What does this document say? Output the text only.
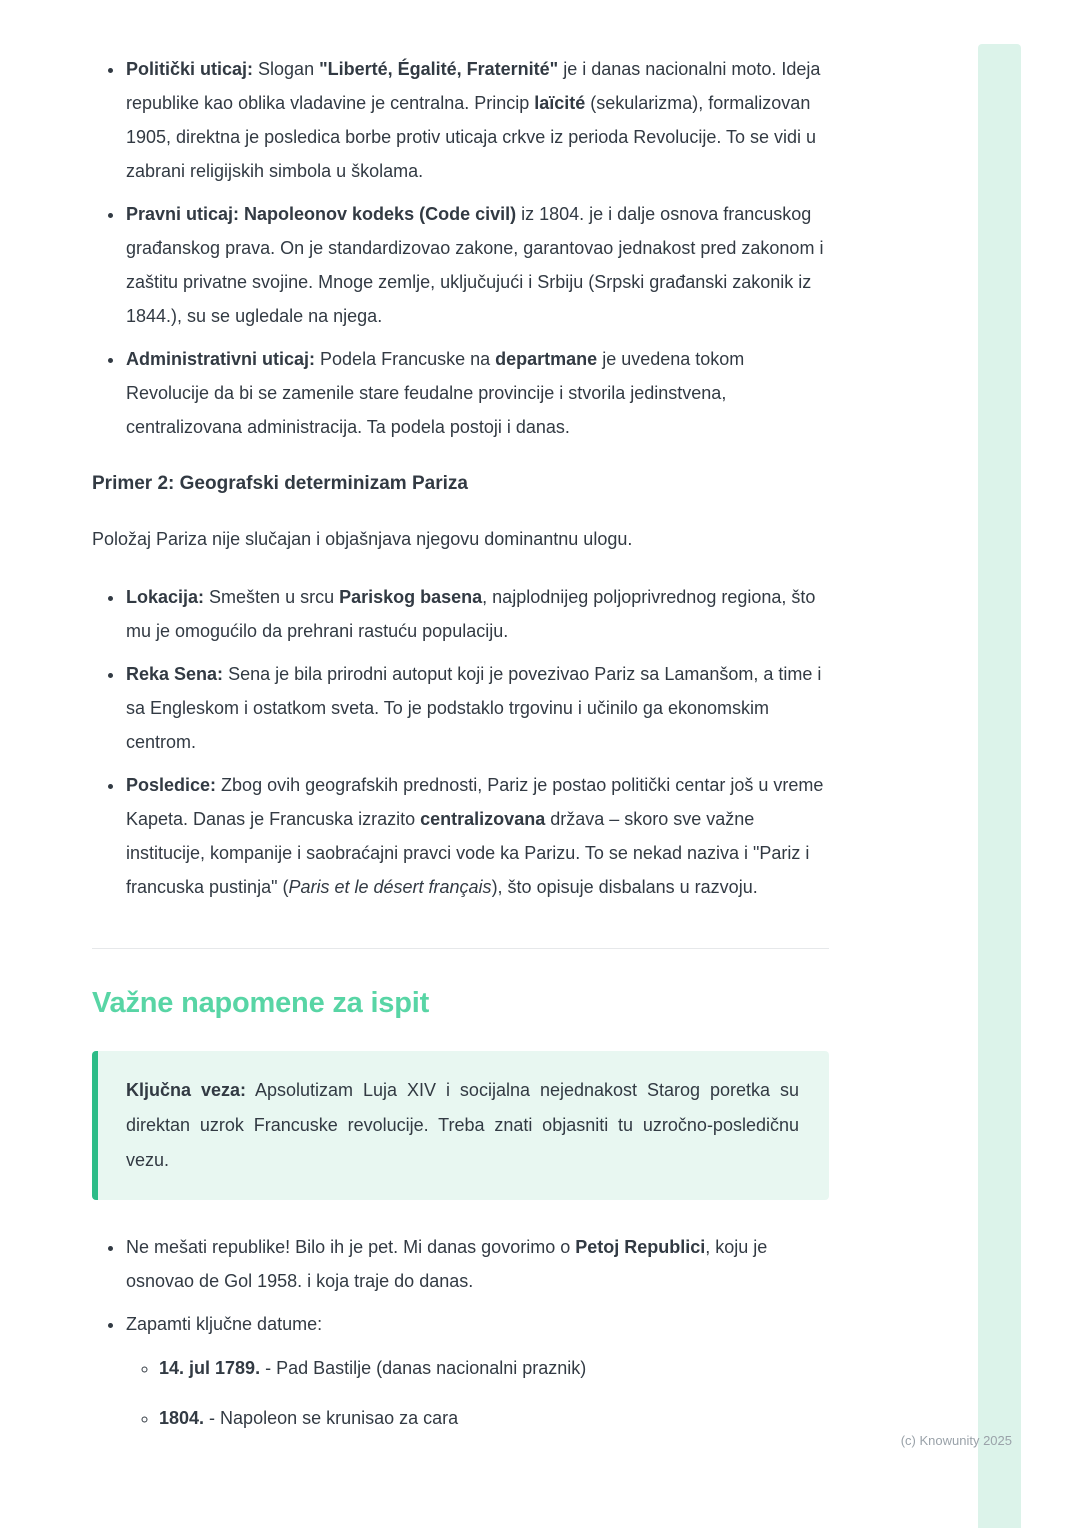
• Politički uticaj: Slogan "Liberté, Égalité, Fraternité" je i danas nacionalni moto. Ideja republike kao oblika vladavine je centralna. Princip laïcité (sekularizma), formalizovan 1905, direktna je posledica borbe protiv uticaja crkve iz perioda Revolucije. To se vidi u zabrani religijskih simbola u školama.
• Pravni uticaj: Napoleonov kodeks (Code civil) iz 1804. je i dalje osnova francuskog građanskog prava. On je standardizovao zakone, garantovao jednakost pred zakonom i zaštitu privatne svojine. Mnoge zemlje, uključujući i Srbiju (Srpski građanski zakonik iz 1844.), su se ugledale na njega.
• Administrativni uticaj: Podela Francuske na departmane je uvedena tokom Revolucije da bi se zamenile stare feudalne provincije i stvorila jedinstvena, centralizovana administracija. Ta podela postoji i danas.
Primer 2: Geografski determinizam Pariza

Položaj Pariza nije slučajan i objašnjava njegovu dominantnu ulogu.

• Lokacija: Smešten u srcu Pariskog basena, najplodnijeg poljoprivrednog regiona, što mu je omogućilo da prehrani rastuću populaciju.
• Reka Sena: Sena je bila prirodni autoput koji je povezivao Pariz sa Lamanšom, a time i sa Engleskom i ostatkom sveta. To je podstaklo trgovinu i učinilo ga ekonomskim centrom.
• Posledice: Zbog ovih geografskih prednosti, Pariz je postao politički centar još u vreme Kapeta. Danas je Francuska izrazito centralizovana država – skoro sve važne institucije, kompanije i saobraćajni pravci vode ka Parizu. To se nekad naziva i "Pariz i francuska pustinja" (Paris et le désert français), što opisuje disbalans u razvoju.
Važne napomene za ispit

Ključna veza: Apsolutizam Luja XIV i socijalna nejednakost Starog poretka su direktan uzrok Francuske revolucije. Treba znati objasniti tu uzročno-posledičnu vezu.

• Ne mešati republike! Bilo ih je pet. Mi danas govorimo o Petoj Republici, koju je osnovao de Gol 1958. i koja traje do danas.
• Zapamti ključne datume:
◦ 14. jul 1789. - Pad Bastilje (danas nacionalni praznik)
◦ 1804. - Napoleon se krunisao za cara
(c) Knowunity 2025
